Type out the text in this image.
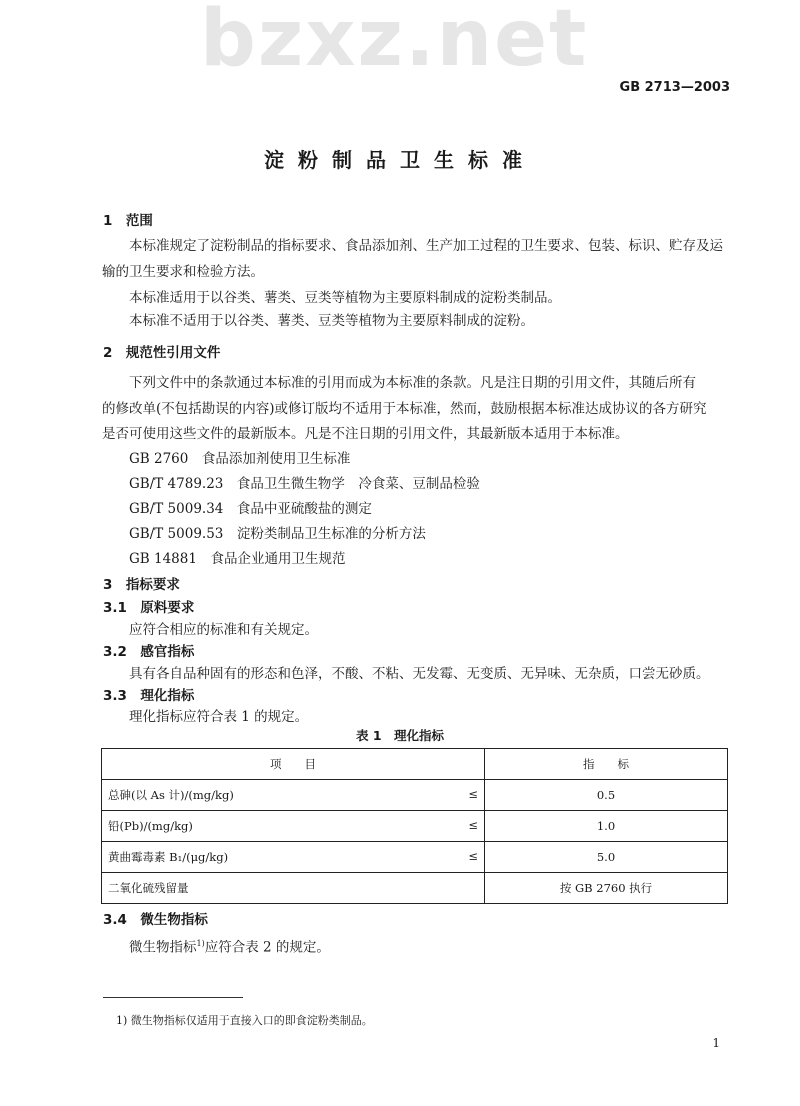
bzxz.net
GB 2713—2003
淀粉制品卫生标准
1　范围
本标准规定了淀粉制品的指标要求、食品添加剂、生产加工过程的卫生要求、包装、标识、贮存及运
输的卫生要求和检验方法。
本标准适用于以谷类、薯类、豆类等植物为主要原料制成的淀粉类制品。
本标准不适用于以谷类、薯类、豆类等植物为主要原料制成的淀粉。
2　规范性引用文件
下列文件中的条款通过本标准的引用而成为本标准的条款。凡是注日期的引用文件，其随后所有
的修改单(不包括勘误的内容)或修订版均不适用于本标准，然而，鼓励根据本标准达成协议的各方研究
是否可使用这些文件的最新版本。凡是不注日期的引用文件，其最新版本适用于本标准。
GB 2760　食品添加剂使用卫生标准
GB/T 4789.23　食品卫生微生物学　冷食菜、豆制品检验
GB/T 5009.34　食品中亚硫酸盐的测定
GB/T 5009.53　淀粉类制品卫生标准的分析方法
GB 14881　食品企业通用卫生规范
3　指标要求
3.1　原料要求
应符合相应的标准和有关规定。
3.2　感官指标
具有各自品种固有的形态和色泽，不酸、不粘、无发霉、无变质、无异味、无杂质，口尝无砂质。
3.3　理化指标
理化指标应符合表 1 的规定。
表 1　理化指标
项　　目	指　　标

总砷(以 As 计)/(mg/kg) ≤	0.5

铅(Pb)/(mg/kg) ≤	1.0

黄曲霉毒素 B₁/(μg/kg) ≤	5.0

二氧化硫残留量	按 GB 2760 执行
3.4　微生物指标
微生物指标$^{1)}$应符合表 2 的规定。
1) 微生物指标仅适用于直接入口的即食淀粉类制品。
1
